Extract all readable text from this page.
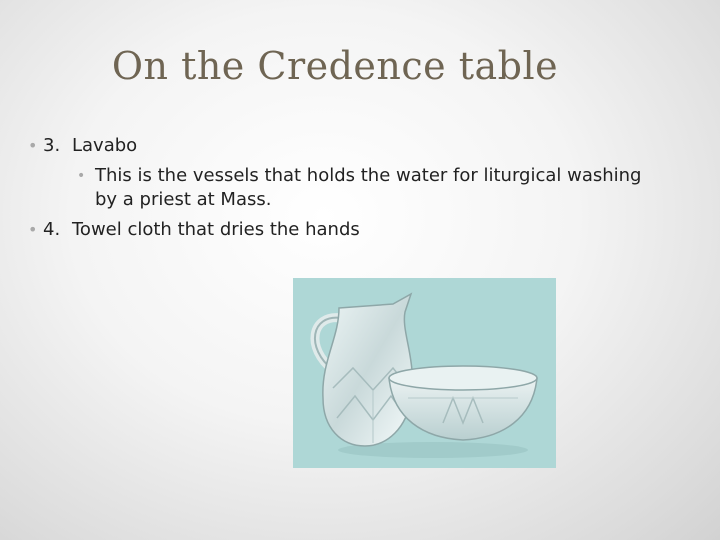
On the Credence table
• 3. Lavabo
• This is the vessels that holds the water for liturgical washing by a priest at Mass.
• 4. Towel cloth that dries the hands
